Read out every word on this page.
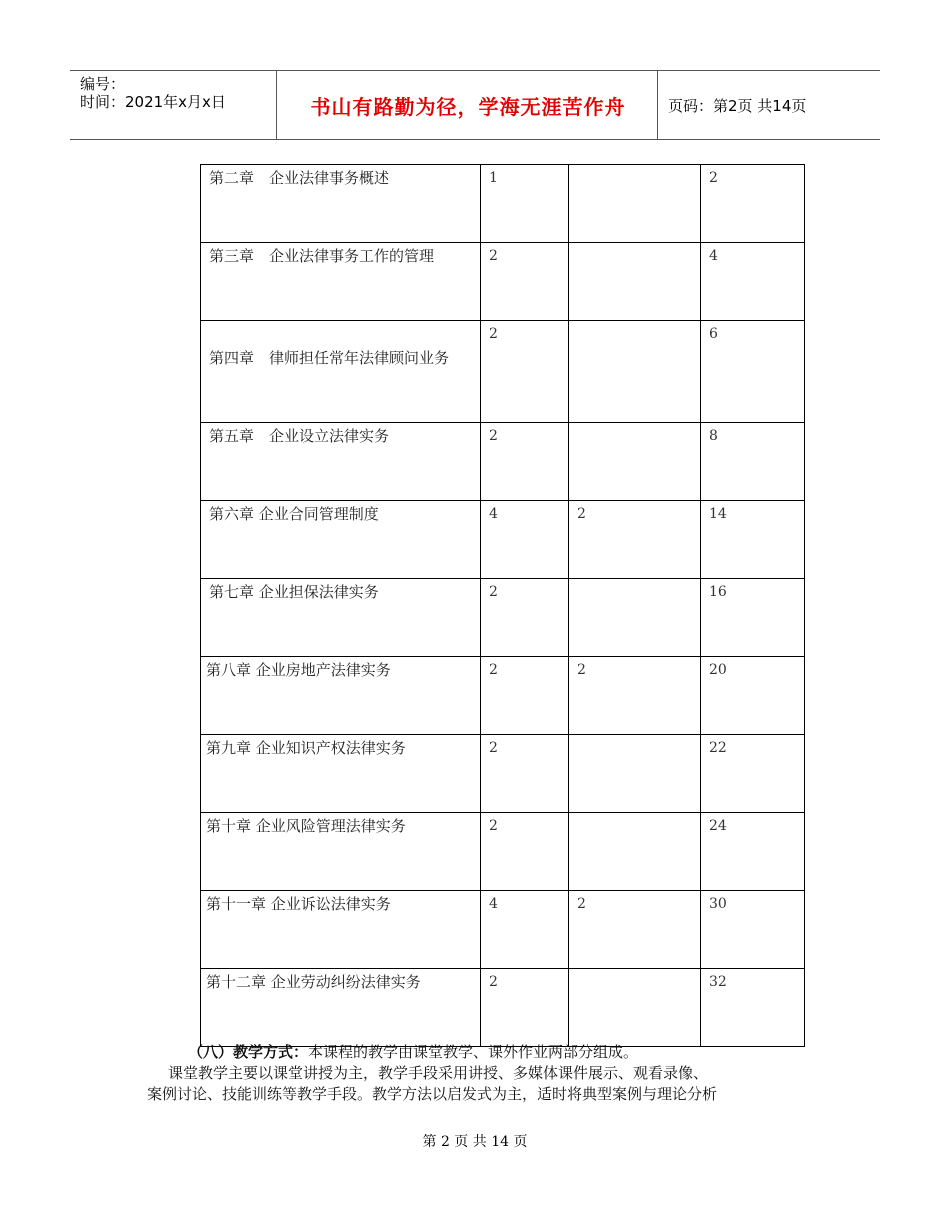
编号：
时间：2021年x月x日	书山有路勤为径，学海无涯苦作舟	页码：第2页 共14页
第二章　企业法律事务概述	1		2
第三章　企业法律事务工作的管理	2		4
第四章　律师担任常年法律顾问业务	2		6
第五章　企业设立法律实务	2		8
第六章 企业合同管理制度	4	2	14
第七章 企业担保法律实务	2		16
第八章 企业房地产法律实务	2	2	20
第九章 企业知识产权法律实务	2		22
第十章 企业风险管理法律实务	2		24
第十一章 企业诉讼法律实务	4	2	30
第十二章 企业劳动纠纷法律实务	2		32
（八）教学方式：本课程的教学由课堂教学、课外作业两部分组成。
课堂教学主要以课堂讲授为主，教学手段采用讲授、多媒体课件展示、观看录像、
案例讨论、技能训练等教学手段。教学方法以启发式为主，适时将典型案例与理论分析
第 2 页 共 14 页
